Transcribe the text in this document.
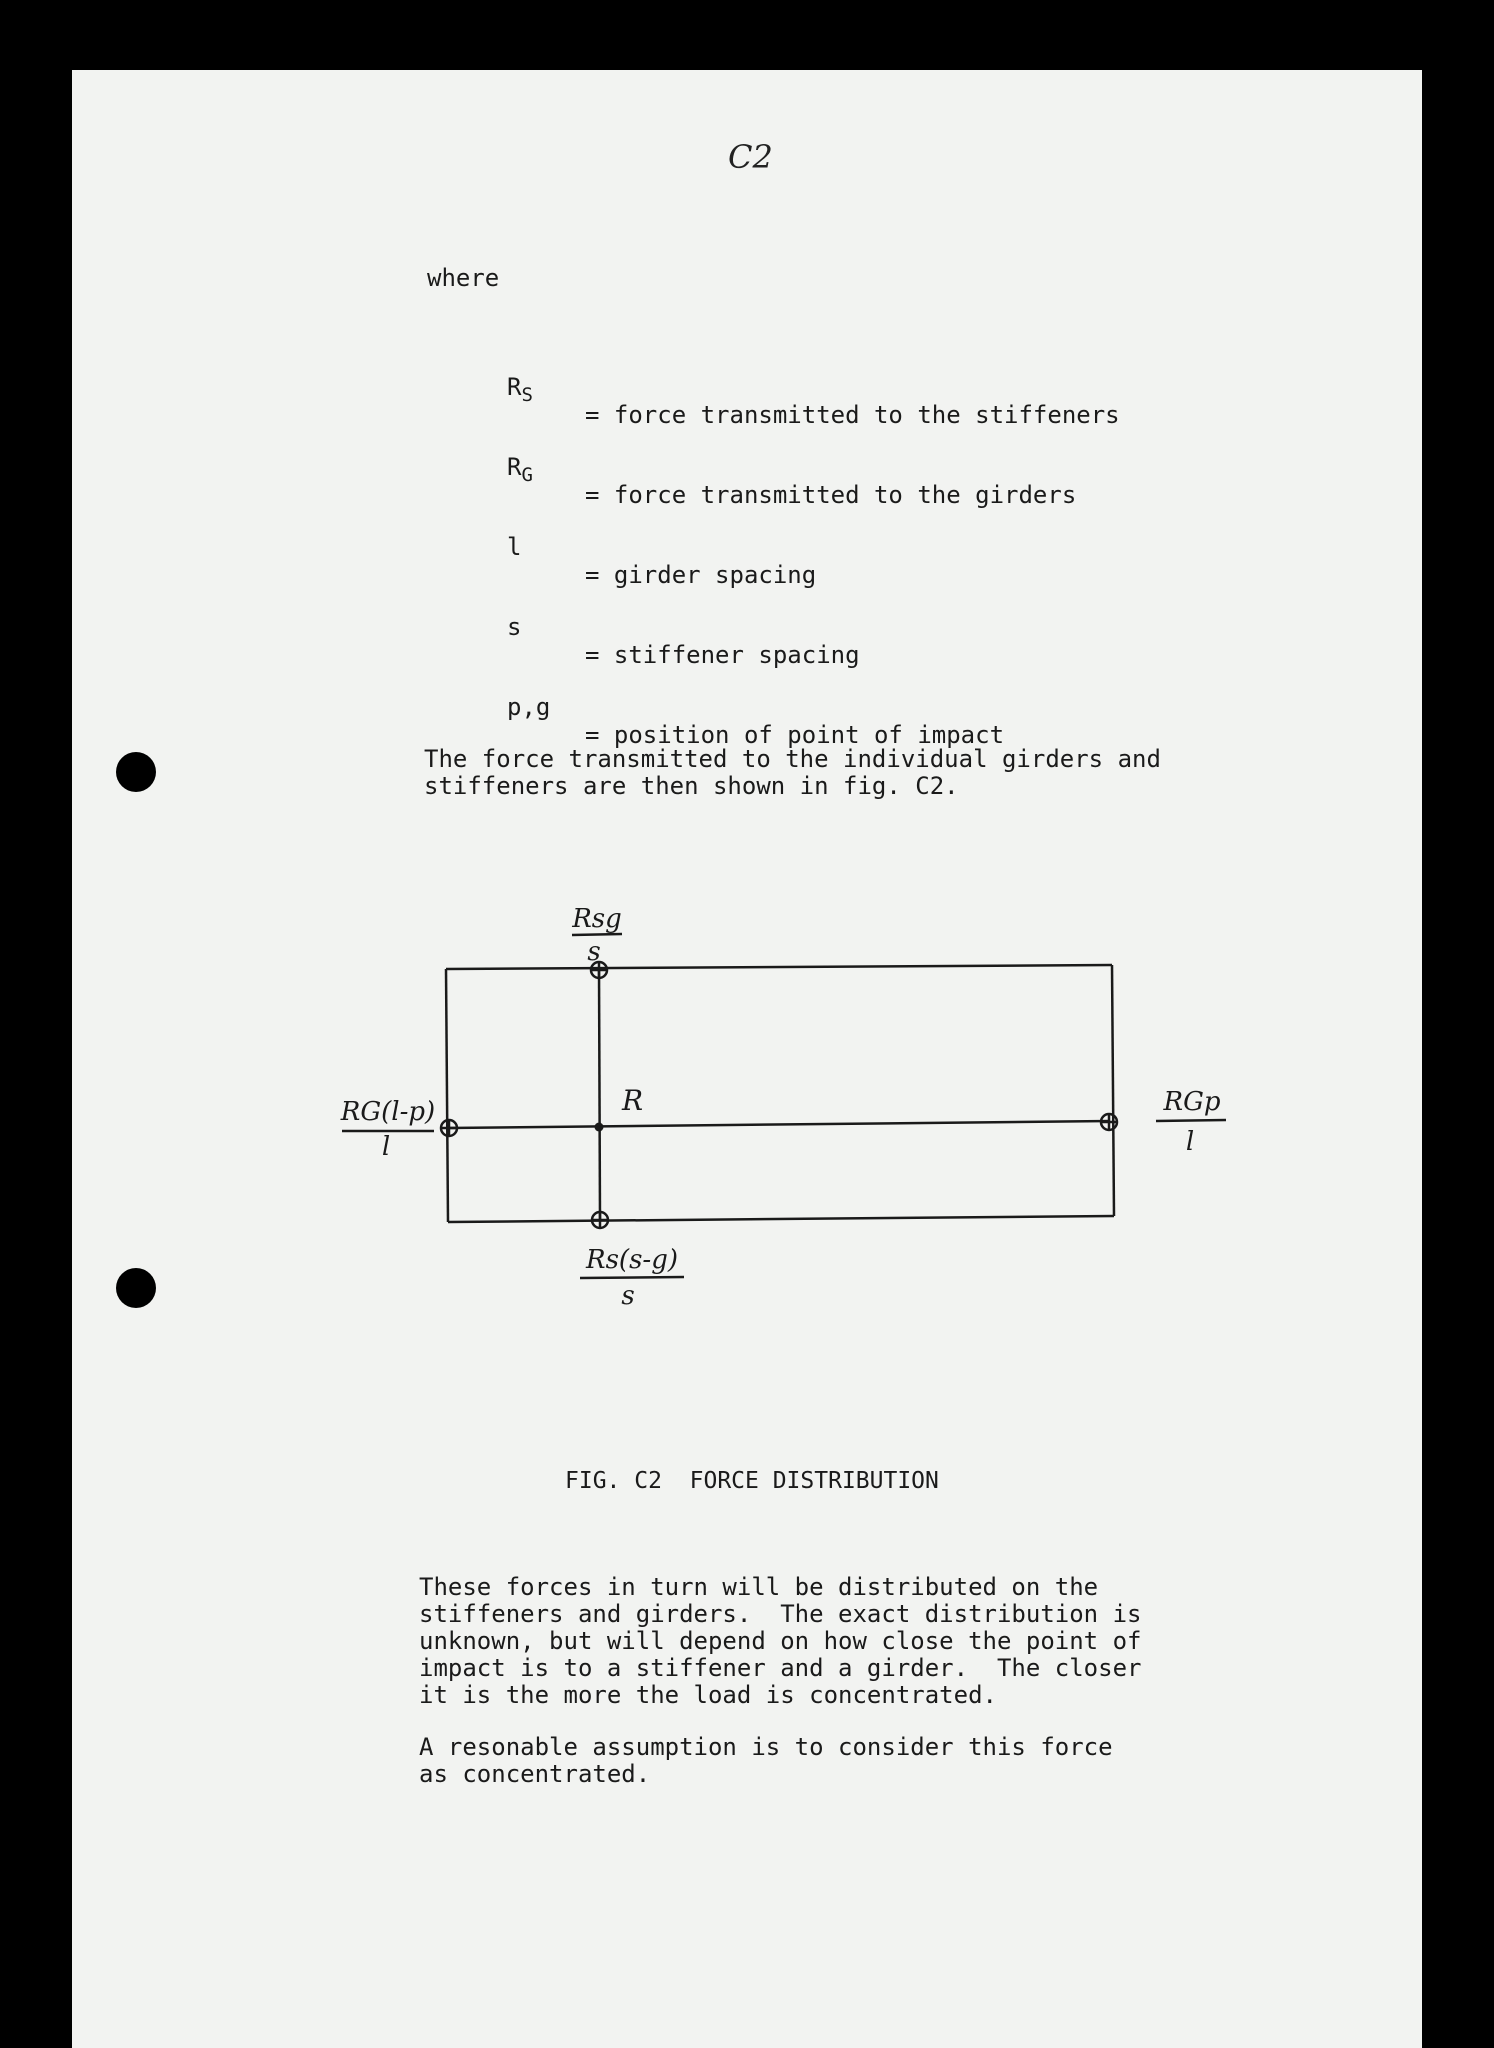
C2
where

$R_S$

= force transmitted to the stiffeners

$R_G$

= force transmitted to the girders

l

= girder spacing

s

= stiffener spacing

p,g

= position of point of impact

The force transmitted to the individual girders and
stiffeners are then shown in fig. C2.
Rsg
s
R
RG(l-p)
l
RGp
l
Rs(s-g)
s
FIG. C2  FORCE DISTRIBUTION
These forces in turn will be distributed on the
stiffeners and girders.  The exact distribution is
unknown, but will depend on how close the point of
impact is to a stiffener and a girder.  The closer
it is the more the load is concentrated.
A resonable assumption is to consider this force
as concentrated.
